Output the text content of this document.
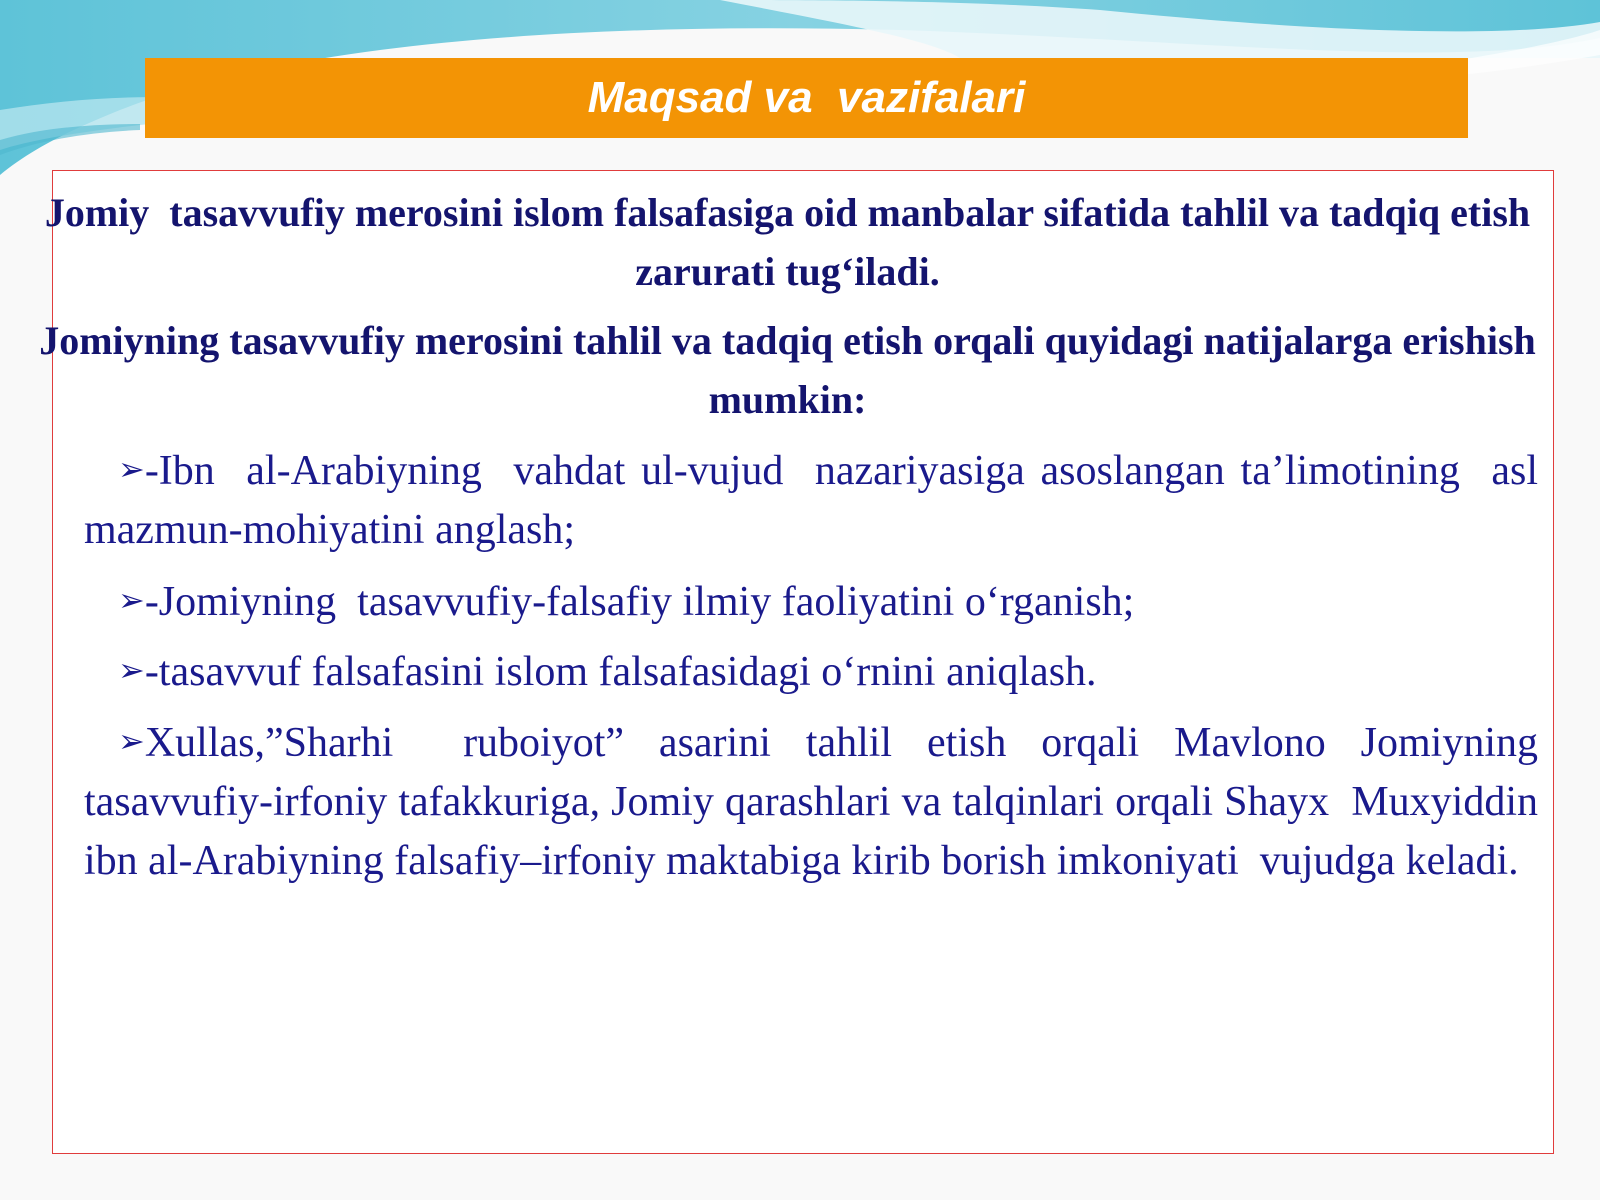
Maqsad va  vazifalari

Jomiy  tasavvufiy merosini islom falsafasiga oid manbalar sifatida tahlil va tadqiq etish  zarurati tug‘iladi.

Jomiyning tasavvufiy merosini tahlil va tadqiq etish orqali quyidagi natijalarga erishish mumkin:

➢-Ibn  al-Arabiyning  vahdat ul-vujud  nazariyasiga asoslangan ta’limotining  asl  mazmun-mohiyatini anglash;

➢-Jomiyning  tasavvufiy-falsafiy ilmiy faoliyatini o‘rganish;

➢-tasavvuf falsafasini islom falsafasidagi o‘rnini aniqlash.

➢Xullas,”Sharhi  ruboiyot” asarini tahlil etish orqali Mavlono Jomiyning  tasavvufiy-irfoniy tafakkuriga, Jomiy qarashlari va talqinlari orqali Shayx  Muxyiddin ibn al-Arabiyning falsafiy–irfoniy maktabiga kirib borish imkoniyati  vujudga keladi.
